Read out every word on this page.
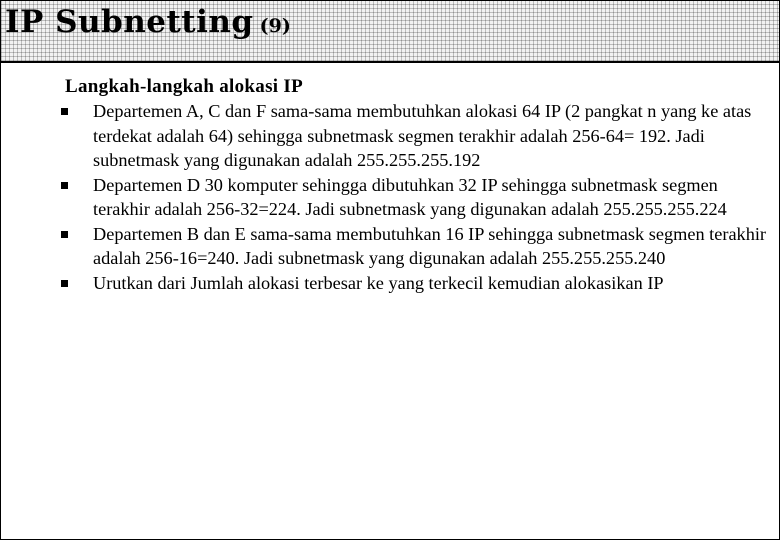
IP Subnetting (9)
Langkah-langkah alokasi IP
Departemen A, C dan F sama-sama membutuhkan alokasi 64 IP (2 pangkat n yang ke atas terdekat adalah 64) sehingga subnetmask segmen terakhir adalah 256-64= 192. Jadi subnetmask yang digunakan adalah 255.255.255.192
Departemen D 30 komputer sehingga dibutuhkan 32 IP sehingga subnetmask segmen terakhir adalah 256-32=224. Jadi subnetmask yang digunakan adalah 255.255.255.224
Departemen B dan E sama-sama membutuhkan 16 IP sehingga subnetmask segmen terakhir adalah 256-16=240. Jadi subnetmask yang digunakan adalah 255.255.255.240
Urutkan dari Jumlah alokasi terbesar ke yang terkecil kemudian alokasikan IP
